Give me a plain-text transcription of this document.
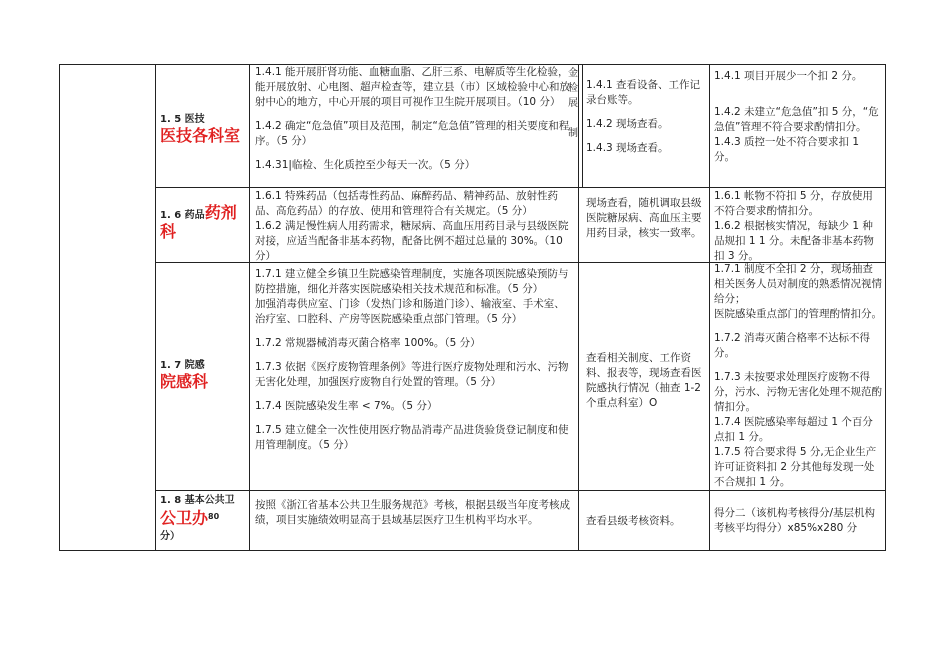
1. 5 医技
医技各科室

1.4.1 能开展肝肾功能、血糖血脂、乙肝三系、电解质等生化检验，能开展放射、心电图、超声检查等，建立县（市）区域检验中心和放射中心的地方，中心开展的项目可视作卫生院开展项目。（10 分）

1.4.2 确定“危急值”项目及范围，制定“危急值”管理的相关要度和程序。（5 分）

1.4.31|临检、生化质控至少每天一次。（5 分）

金

检

展

制

1.4.1 查看设备、工作记录台账等。

1.4.2 现场查看。

1.4.3 现场查看。

1.4.1 项目开展少一个扣 2 分。

1.4.2 未建立“危急值”扣 5 分，“危急值”管理不符合要求酌情扣分。

1.4.3 质控一处不符合要求扣 1 分。

1. 6 药品药剂科

1.6.1 特殊药品（包括毒性药品、麻醉药品、精神药品、放射性药品、高危药品）的存放、使用和管理符合有关规定。（5 分）

1.6.2 满足慢性病人用药需求，糖尿病、高血压用药目录与县级医院对接，应适当配备非基本药物，配备比例不超过总量的 30%。（10 分）

现场查看，随机调取县级医院糖尿病、高血压主要用药目录，核实一致率。

1.6.1 帐物不符扣 5 分，存放使用不符合要求酌情扣分。

1.6.2 根据核实情况，每缺少 1 种品规扣 1 1 分。未配备非基本药物扣 3 分。

1. 7 院感
院感科

1.7.1 建立健全乡镇卫生院感染管理制度，实施各项医院感染预防与防控措施，细化并落实医院感染相关技术规范和标准。（5 分）

加强消毒供应室、门诊（发热门诊和肠道门诊）、输液室、手术室、治疗室、口腔科、产房等医院感染重点部门管理。（5 分）

1.7.2 常规器械消毒灭菌合格率 100%。（5 分）

1.7.3 依据《医疗废物管理条例》等进行医疗废物处理和污水、污物无害化处理，加强医疗废物自行处置的管理。（5 分）

1.7.4 医院感染发生率 < 7%。（5 分）

1.7.5 建立健全一次性使用医疗物品消毒产品进货验货登记制度和使用管理制度。（5 分）

查看相关制度、工作资料、报表等，现场查看医院感执行情况（抽查 1-2 个重点科室）O

1.7.1 制度不全扣 2 分，现场抽查相关医务人员对制度的熟悉情况视情给分；

医院感染重点部门的管理酌情扣分。

1.7.2 消毒灭菌合格率不达标不得分。

1.7.3 未按要求处理医疗废物不得分，污水、污物无害化处理不规范酌情扣分。

1.7.4 医院感染率每超过 1 个百分点扣 1 分。

1.7.5 符合要求得 5 分,无企业生产许可证资料扣 2 分其他每发现一处不合规扣 1 分。

1. 8 基本公共卫
公卫办$^{80}$
分）

按照《浙江省基本公共卫生服务规范》考核，根据县级当年度考核成绩，项目实施绩效明显高于县域基层医疗卫生机构平均水平。	查看县级考核资料。

得分二（该机构考核得分/基层机构考核平均得分）x85%x280 分
